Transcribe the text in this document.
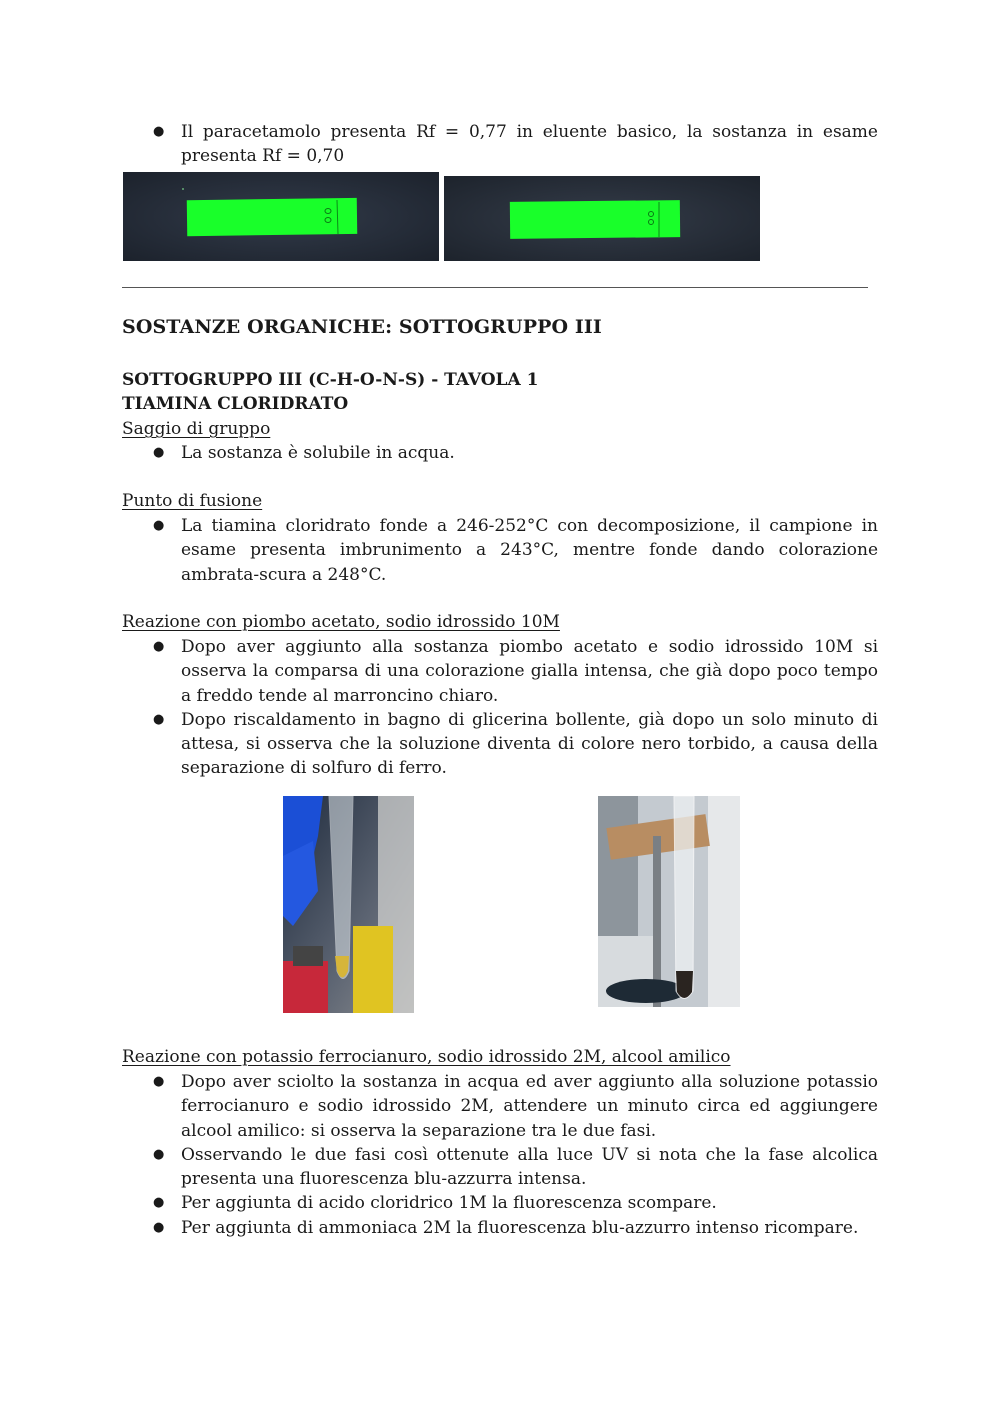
● Il paracetamolo presenta Rf = 0,77 in eluente basico, la sostanza in esame presenta Rf = 0,70
SOSTANZE ORGANICHE: SOTTOGRUPPO III
SOTTOGRUPPO III (C-H-O-N-S) - TAVOLA 1
TIAMINA CLORIDRATO
Saggio di gruppo
● La sostanza è solubile in acqua.
Punto di fusione
● La tiamina cloridrato fonde a 246-252°C con decomposizione, il campione in esame presenta imbrunimento a 243°C, mentre fonde dando colorazione ambrata-scura a 248°C.
Reazione con piombo acetato, sodio idrossido 10M
● Dopo aver aggiunto alla sostanza piombo acetato e sodio idrossido 10M si osserva la comparsa di una colorazione gialla intensa, che già dopo poco tempo a freddo tende al marroncino chiaro.
● Dopo riscaldamento in bagno di glicerina bollente, già dopo un solo minuto di attesa, si osserva che la soluzione diventa di colore nero torbido, a causa della separazione di solfuro di ferro.
Reazione con potassio ferrocianuro, sodio idrossido 2M, alcool amilico
● Dopo aver sciolto la sostanza in acqua ed aver aggiunto alla soluzione potassio ferrocianuro e sodio idrossido 2M, attendere un minuto circa ed aggiungere alcool amilico: si osserva la separazione tra le due fasi.
● Osservando le due fasi così ottenute alla luce UV si nota che la fase alcolica presenta una fluorescenza blu-azzurra intensa.
● Per aggiunta di acido cloridrico 1M la fluorescenza scompare.
● Per aggiunta di ammoniaca 2M la fluorescenza blu-azzurro intenso ricompare.
